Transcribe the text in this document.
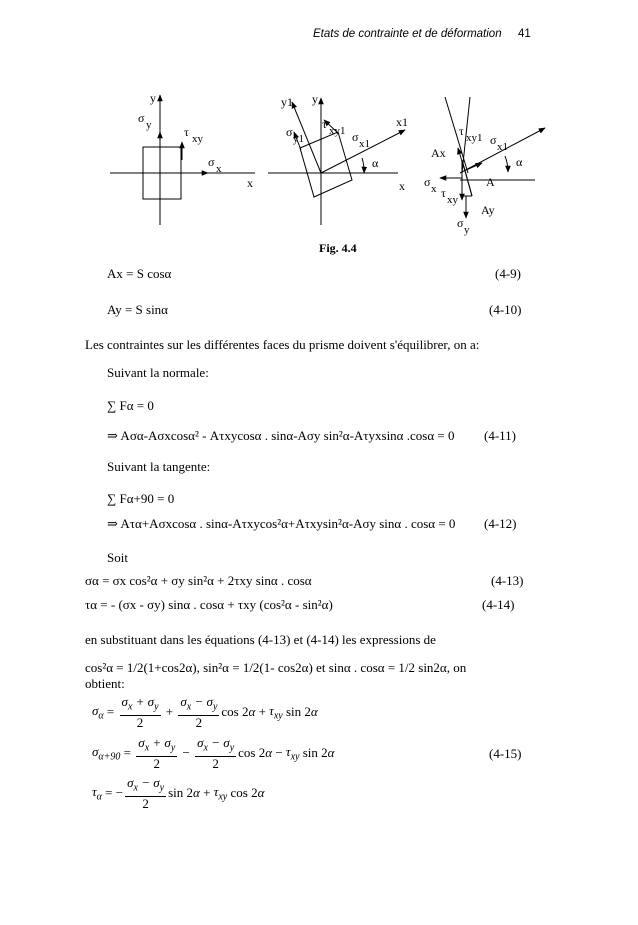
Etats de contrainte et de déformation 41
y
x
σ y	τ xy
σ x
y1 y
x1
x
σ y1
τ xy1 σ x1
α
Ax
A
Ay
τ xy1 σ x1
α
σ x τ xy
σ y
Fig. 4.4
Ax = S cosα	(4-9)
Ay = S sinα	(4-10)
Les contraintes sur les différentes faces du prisme doivent s'équilibrer, on a:
Suivant la normale:
∑ Fα = 0
⇒ Aσα-Aσxcosα² - Aτxycosα . sinα-Aσy sin²α-Aτyxsinα .cosα = 0 (4-11)
Suivant la tangente:
∑ Fα+90 = 0
⇒ Aτα+Aσxcosα . sinα-Aτxycos²α+Aτxysin²α-Aσy sinα . cosα = 0 (4-12)
Soit
σα = σx cos²α + σy sin²α + 2τxy sinα . cosα	(4-13)
τα = - (σx - σy) sinα . cosα + τxy (cos²α - sin²α)	(4-14)
en substituant dans les équations (4-13) et (4-14) les expressions de
cos²α = 1/2(1+cos2α), sin²α = 1/2(1- cos2α) et sinα . cosα = 1/2 sin2α, on
obtient:
$\sigma_\alpha = \frac{\sigma_x + \sigma_y}{2} + \frac{\sigma_x - \sigma_y}{2}$ cos 2 $\alpha + \tau_{xy}$ sin 2 α
$\sigma_{\alpha+90} = \frac{\sigma_x + \sigma_y}{2} - \frac{\sigma_x - \sigma_y}{2}$ cos 2 $\alpha - \tau_{xy}$ sin 2 α	(4-15)
$\tau_\alpha$ = − $\frac{\sigma_x - \sigma_y}{2}$ sin 2 $\alpha + \tau_{xy}$ cos 2 α
